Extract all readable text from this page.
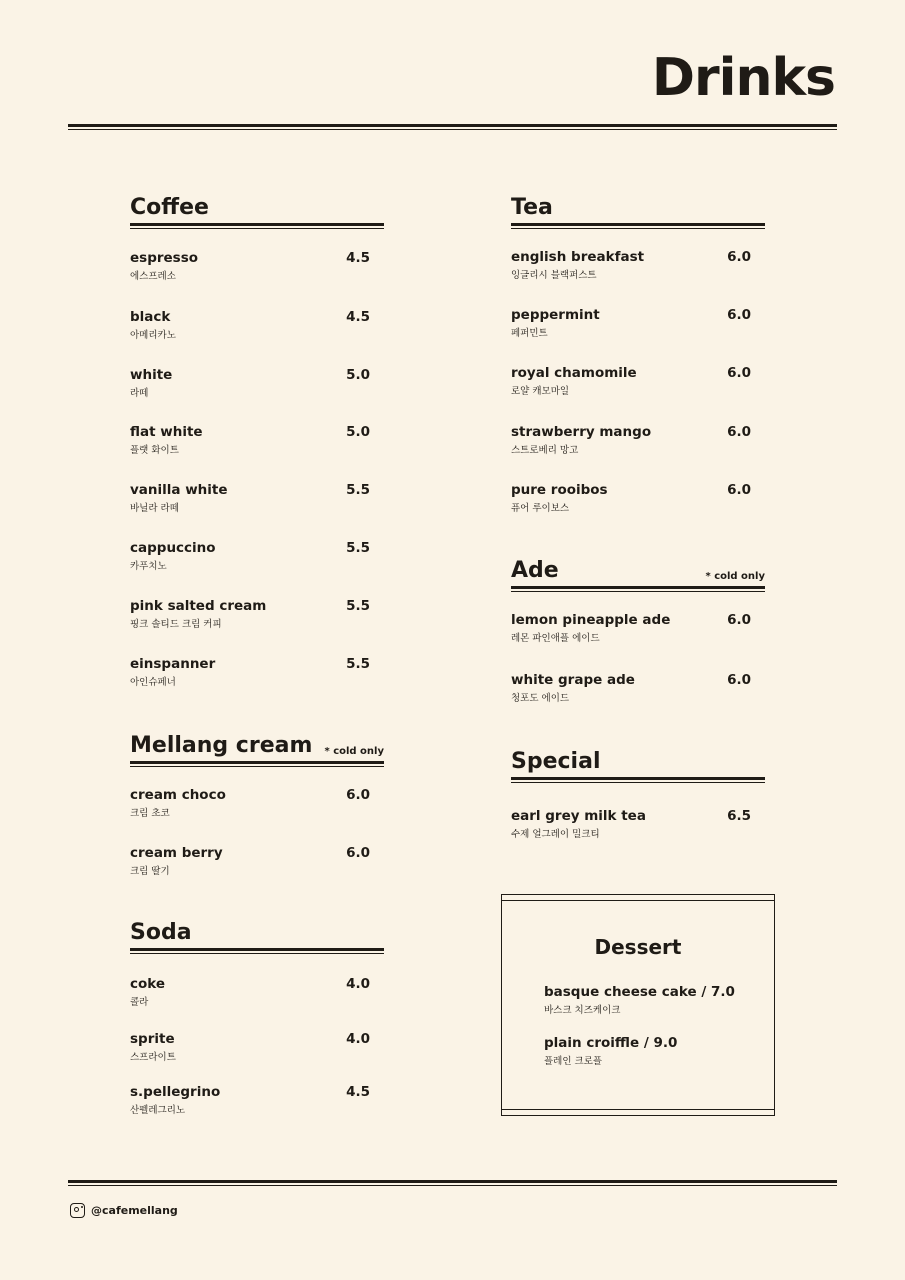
Drinks
Coffee
espresso
에스프레소
4.5
black
아메리카노
4.5
white
라떼
5.0
flat white
플랫 화이트
5.0
vanilla white
바닐라 라떼
5.5
cappuccino
카푸치노
5.5
pink salted cream
핑크 솔티드 크림 커피
5.5
einspanner
아인슈페너
5.5
Mellang cream * cold only
cream choco
크림 초코
6.0
cream berry
크림 딸기
6.0
Soda
coke
콜라
4.0
sprite
스프라이트
4.0
s.pellegrino
산펠레그리노
4.5
Tea
english breakfast
잉글리시 블랙퍼스트
6.0
peppermint
페퍼민트
6.0
royal chamomile
로얄 캐모마일
6.0
strawberry mango
스트로베리 망고
6.0
pure rooibos
퓨어 루이보스
6.0
Ade	* cold only
lemon pineapple ade
레몬 파인애플 에이드
6.0
white grape ade
청포도 에이드
6.0
Special
earl grey milk tea
수제 얼그레이 밀크티
6.5
Dessert
basque cheese cake / 7.0
바스크 치즈케이크
plain croiffle / 9.0
플레인 크로플
@cafemellang
